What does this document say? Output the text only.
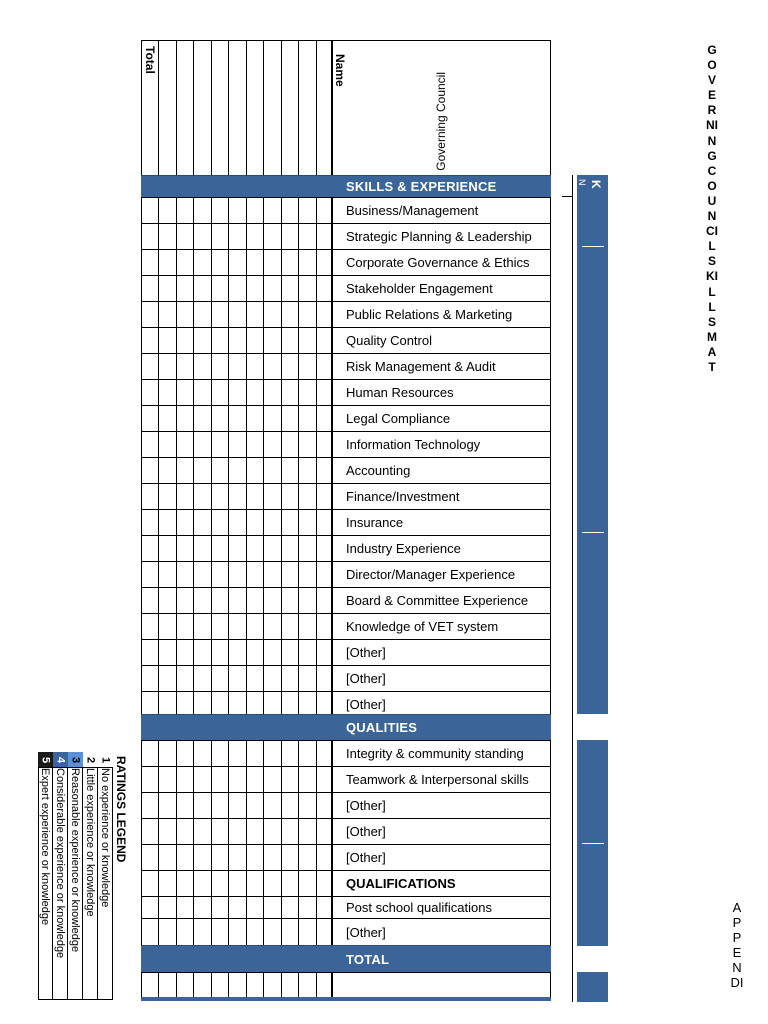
Total	Name
Governing Council
SKILLS & EXPERIENCE
Business/Management
Strategic Planning & Leadership
Corporate Governance & Ethics
Stakeholder Engagement
Public Relations & Marketing
Quality Control
Risk Management & Audit
Human Resources
Legal Compliance
Information Technology
Accounting
Finance/Investment
Insurance
Industry Experience
Director/Manager Experience
Board & Committee Experience
Knowledge of VET system
[Other]
[Other]
[Other]
QUALITIES
Integrity & community standing
Teamwork & Interpersonal skills
[Other]
[Other]
[Other]
QUALIFICATIONS
Post school qualifications
[Other]
TOTAL
K
N
G
O
V
E
R
NI
N
G
C
O
U
N
CI
L
S
KI
L
L
S
M
A
T
A
P
P
E
N
DI
RATINGS LEGEND
1
No experience or knowledge
2
Little experience or knowledge
3
Reasonable experience or knowledge
4
Considerable experience or knowledge
5
Expert experience or knowledge
